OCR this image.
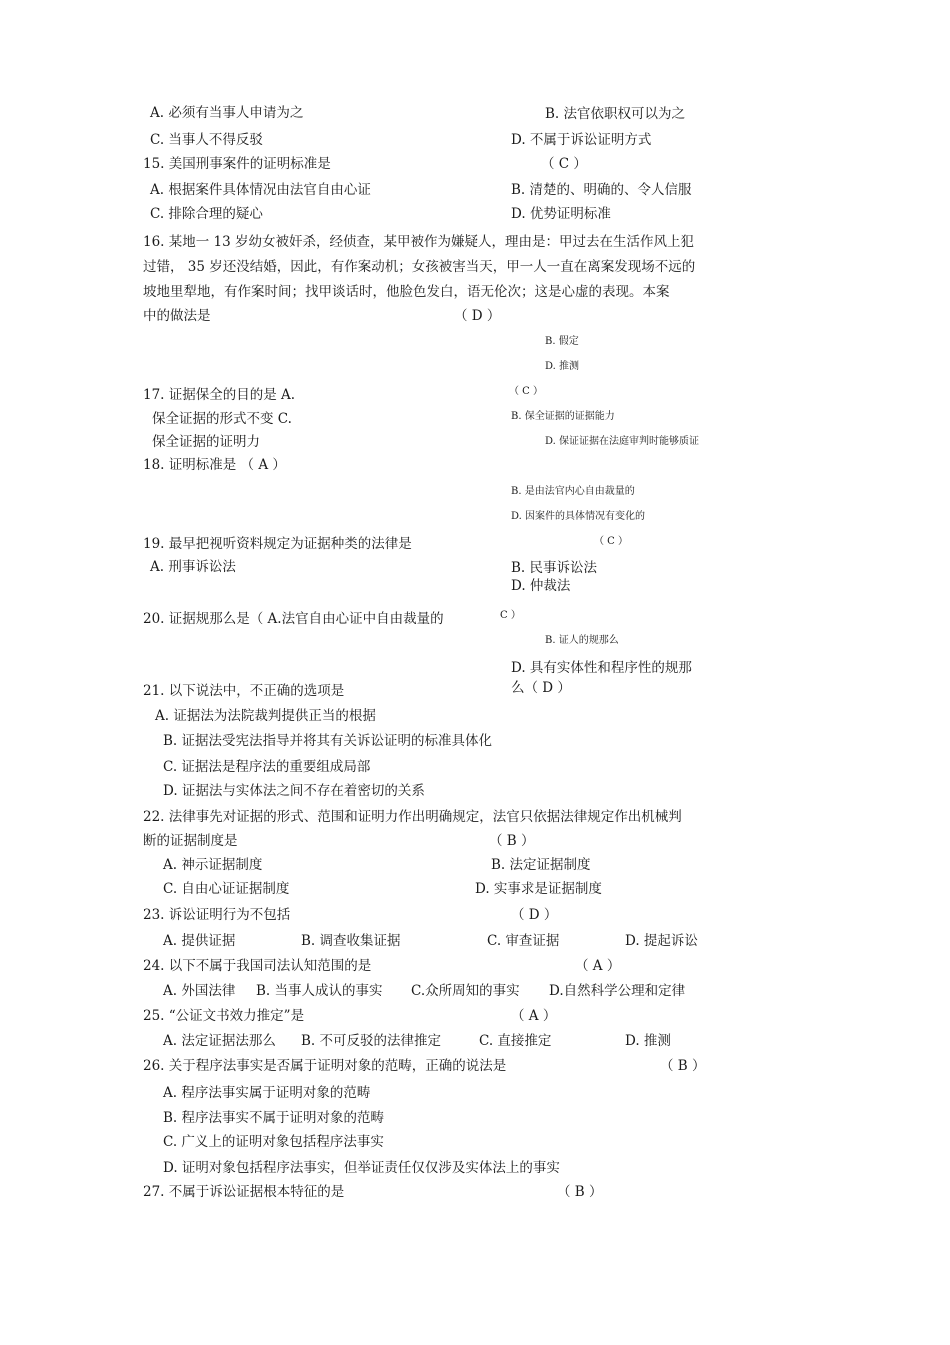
A. 必须有当事人申请为之	B. 法官依职权可以为之
C. 当事人不得反驳	D. 不属于诉讼证明方式
15. 美国刑事案件的证明标准是	（ C ）
A. 根据案件具体情况由法官自由心证	B. 清楚的、明确的、令人信服
C. 排除合理的疑心	D. 优势证明标准
16. 某地一 13 岁幼女被奸杀，经侦查，某甲被作为嫌疑人，理由是：甲过去在生活作风上犯
过错， 35 岁还没结婚，因此，有作案动机；女孩被害当天，甲一人一直在离案发现场不远的
坡地里犁地，有作案时间；找甲谈话时，他脸色发白，语无伦次；这是心虚的表现。本案
中的做法是	（ D ）
B. 假定
D. 推测
17. 证据保全的目的是 A.	（ C ）
保全证据的形式不变 C.	B. 保全证据的证据能力
保全证据的证明力	D. 保证证据在法庭审判时能够质证
18. 证明标准是 （ A ）
B. 是由法官内心自由裁量的
D. 因案件的具体情况有变化的
19. 最早把视听资料规定为证据种类的法律是	（ C ）
A. 刑事诉讼法	B. 民事诉讼法
D. 仲裁法
20. 证据规那么是（ A.法官自由心证中自由裁量的	C ）
B. 证人的规那么
D. 具有实体性和程序性的规那
么（ D ）
21. 以下说法中，不正确的选项是
A. 证据法为法院裁判提供正当的根据
B. 证据法受宪法指导并将其有关诉讼证明的标准具体化
C. 证据法是程序法的重要组成局部
D. 证据法与实体法之间不存在着密切的关系
22. 法律事先对证据的形式、范围和证明力作出明确规定，法官只依据法律规定作出机械判
断的证据制度是	（ B ）
A. 神示证据制度	B. 法定证据制度
C. 自由心证证据制度	D. 实事求是证据制度
23. 诉讼证明行为不包括	（ D ）
A. 提供证据	B. 调查收集证据	C. 审查证据	D. 提起诉讼
24. 以下不属于我国司法认知范围的是	（ A ）
A. 外国法律 B. 当事人成认的事实 C.众所周知的事实 D.自然科学公理和定律
25. “公证文书效力推定”是	（ A ）
A. 法定证据法那么 B. 不可反驳的法律推定	C. 直接推定	D. 推测
26. 关于程序法事实是否属于证明对象的范畴，正确的说法是	（ B ）
A. 程序法事实属于证明对象的范畴
B. 程序法事实不属于证明对象的范畴
C. 广义上的证明对象包括程序法事实
D. 证明对象包括程序法事实，但举证责任仅仅涉及实体法上的事实
27. 不属于诉讼证据根本特征的是	（ B ）
